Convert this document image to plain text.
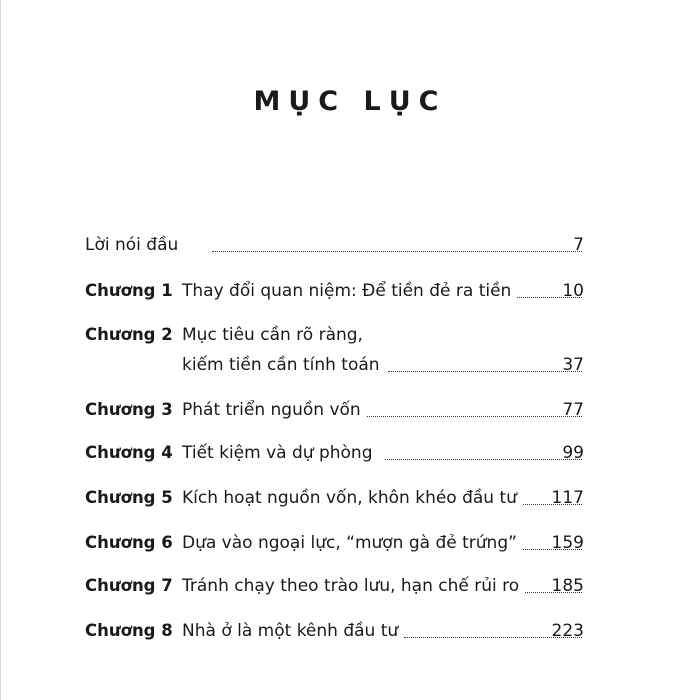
MỤC LỤC
Lời nói đầu	7
Chương 1 Thay đổi quan niệm: Để tiền đẻ ra tiền	10
Chương 2 Mục tiêu cần rõ ràng,
kiếm tiền cần tính toán	37
Chương 3 Phát triển nguồn vốn	77
Chương 4 Tiết kiệm và dự phòng	99
Chương 5 Kích hoạt nguồn vốn, khôn khéo đầu tư 117
Chương 6 Dựa vào ngoại lực, “mượn gà đẻ trứng” 159
Chương 7 Tránh chạy theo trào lưu, hạn chế rủi ro 185
Chương 8 Nhà ở là một kênh đầu tư	223
